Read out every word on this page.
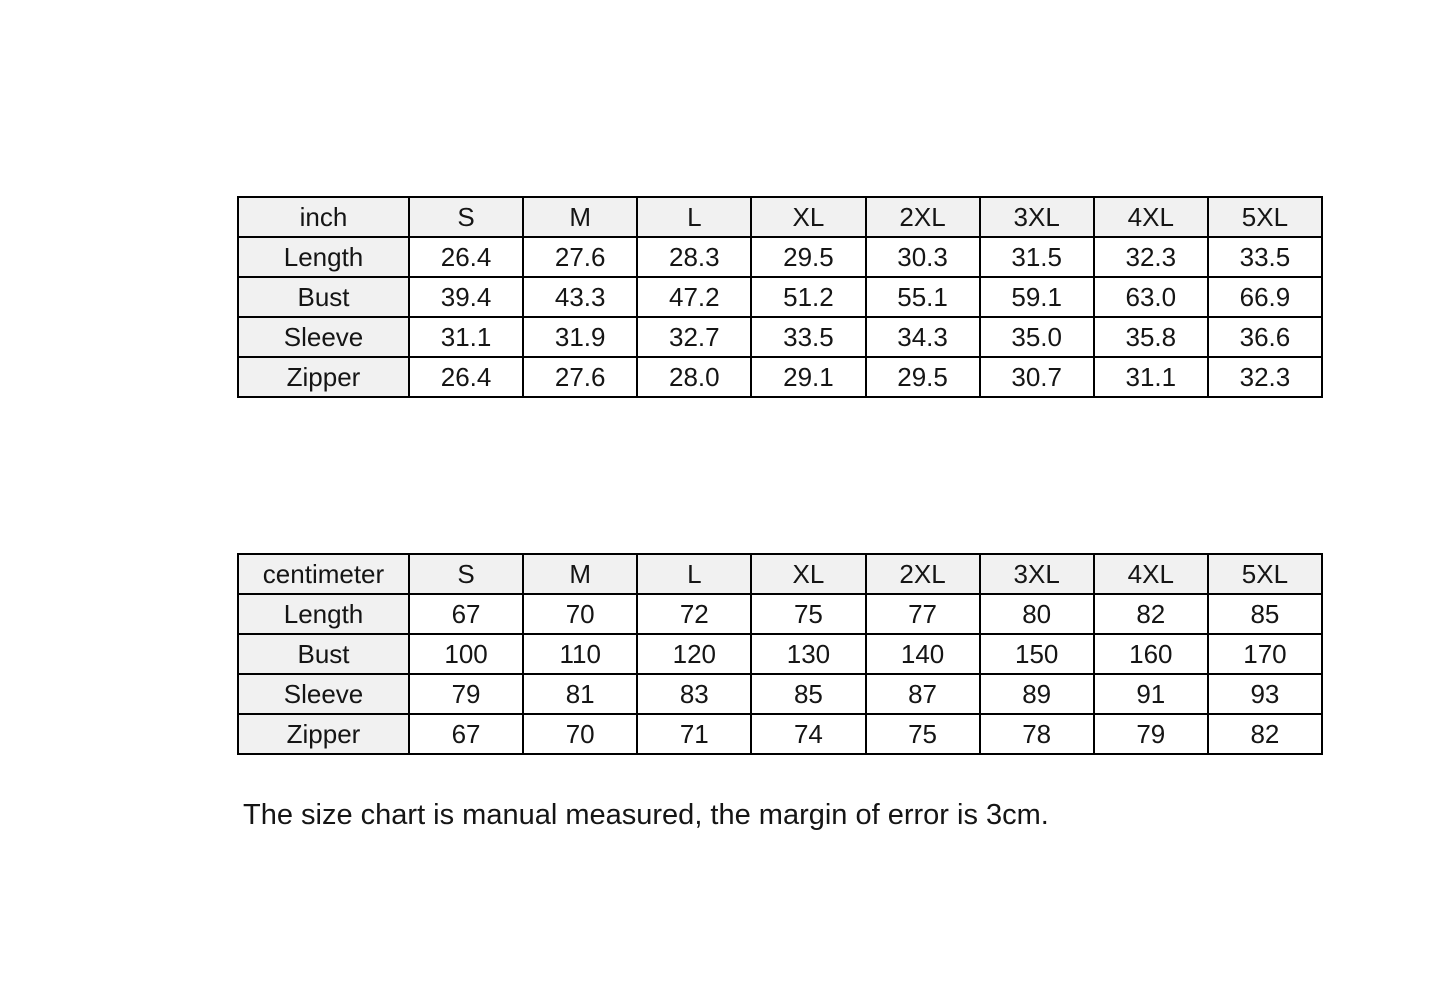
inch	S	M	L	XL	2XL	3XL	4XL	5XL
Length	26.4	27.6	28.3	29.5	30.3	31.5	32.3	33.5
Bust	39.4	43.3	47.2	51.2	55.1	59.1	63.0	66.9
Sleeve	31.1	31.9	32.7	33.5	34.3	35.0	35.8	36.6
Zipper	26.4	27.6	28.0	29.1	29.5	30.7	31.1	32.3
centimeter	S	M	L	XL	2XL	3XL	4XL	5XL
Length	67	70	72	75	77	80	82	85
Bust	100	110	120	130	140	150	160	170
Sleeve	79	81	83	85	87	89	91	93
Zipper	67	70	71	74	75	78	79	82
The size chart is manual measured, the margin of error is 3cm.
